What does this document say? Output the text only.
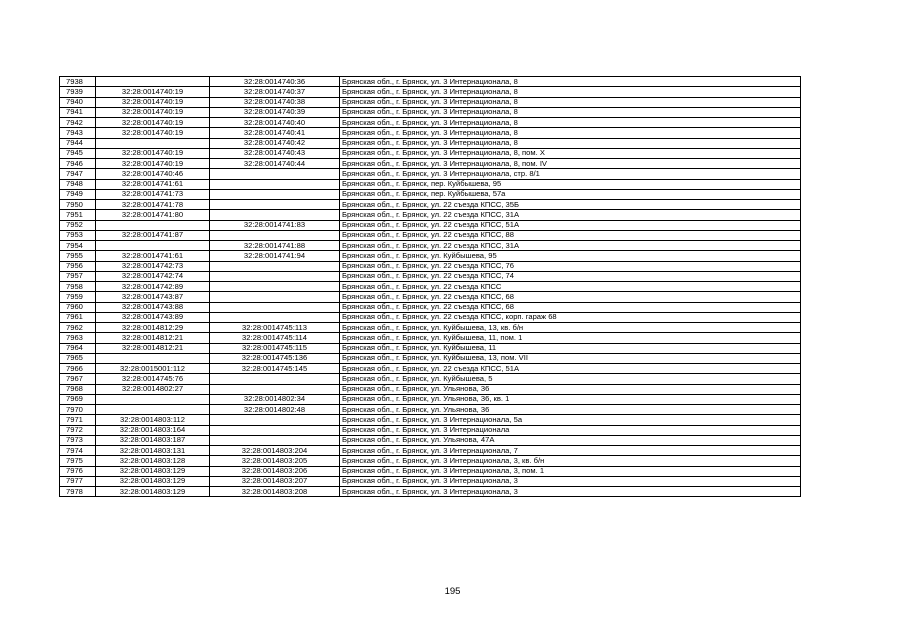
7938		32:28:0014740:36	Брянская обл., г. Брянск, ул. 3 Интернационала, 8
7939	32:28:0014740:19	32:28:0014740:37	Брянская обл., г. Брянск, ул. 3 Интернационала, 8
7940	32:28:0014740:19	32:28:0014740:38	Брянская обл., г. Брянск, ул. 3 Интернационала, 8
7941	32:28:0014740:19	32:28:0014740:39	Брянская обл., г. Брянск, ул. 3 Интернационала, 8
7942	32:28:0014740:19	32:28:0014740:40	Брянская обл., г. Брянск, ул. 3 Интернационала, 8
7943	32:28:0014740:19	32:28:0014740:41	Брянская обл., г. Брянск, ул. 3 Интернационала, 8
7944		32:28:0014740:42	Брянская обл., г. Брянск, ул. 3 Интернационала, 8
7945	32:28:0014740:19	32:28:0014740:43	Брянская обл., г. Брянск, ул. 3 Интернационала, 8, пом. X
7946	32:28:0014740:19	32:28:0014740:44	Брянская обл., г. Брянск, ул. 3 Интернационала, 8, пом. IV
7947	32:28:0014740:46		Брянская обл., г. Брянск, ул. 3 Интернационала, стр. 8/1
7948	32:28:0014741:61		Брянская обл., г. Брянск, пер. Куйбышева, 95
7949	32:28:0014741:73		Брянская обл., г. Брянск, пер. Куйбышева, 57а
7950	32:28:0014741:78		Брянская обл., г. Брянск, ул. 22 съезда КПСС, 35Б
7951	32:28:0014741:80		Брянская обл., г. Брянск, ул. 22 съезда КПСС, 31А
7952		32:28:0014741:83	Брянская обл., г. Брянск, ул. 22 съезда КПСС, 51А
7953	32:28:0014741:87		Брянская обл., г. Брянск, ул. 22 съезда КПСС, 88
7954		32:28:0014741:88	Брянская обл., г. Брянск, ул. 22 съезда КПСС, 31А
7955	32:28:0014741:61	32:28:0014741:94	Брянская обл., г. Брянск, ул. Куйбышева, 95
7956	32:28:0014742:73		Брянская обл., г. Брянск, ул. 22 съезда КПСС, 76
7957	32:28:0014742:74		Брянская обл., г. Брянск, ул. 22 съезда КПСС, 74
7958	32:28:0014742:89		Брянская обл., г. Брянск, ул. 22 съезда КПСС
7959	32:28:0014743:87		Брянская обл., г. Брянск, ул. 22 съезда КПСС, 68
7960	32:28:0014743:88		Брянская обл., г. Брянск, ул. 22 съезда КПСС, 68
7961	32:28:0014743:89		Брянская обл., г. Брянск, ул. 22 съезда КПСС, корп. гараж 68
7962	32:28:0014812:29	32:28:0014745:113	Брянская обл., г. Брянск, ул. Куйбышева, 13, кв. б/н
7963	32:28:0014812:21	32:28:0014745:114	Брянская обл., г. Брянск, ул. Куйбышева, 11, пом. 1
7964	32:28:0014812:21	32:28:0014745:115	Брянская обл., г. Брянск, ул. Куйбышева, 11
7965		32:28:0014745:136	Брянская обл., г. Брянск, ул. Куйбышева, 13, пом. VII
7966	32:28:0015001:112	32:28:0014745:145	Брянская обл., г. Брянск, ул. 22 съезда КПСС, 51А
7967	32:28:0014745:76		Брянская обл., г. Брянск, ул. Куйбышева, 5
7968	32:28:0014802:27		Брянская обл., г. Брянск, ул. Ульянова, 36
7969		32:28:0014802:34	Брянская обл., г. Брянск, ул. Ульянова, 36, кв. 1
7970		32:28:0014802:48	Брянская обл., г. Брянск, ул. Ульянова, 36
7971	32:28:0014803:112		Брянская обл., г. Брянск, ул. 3 Интернационала, 5а
7972	32:28:0014803:164		Брянская обл., г. Брянск, ул. 3 Интернационала
7973	32:28:0014803:187		Брянская обл., г. Брянск, ул. Ульянова, 47А
7974	32:28:0014803:131	32:28:0014803:204	Брянская обл., г. Брянск, ул. 3 Интернационала, 7
7975	32:28:0014803:128	32:28:0014803:205	Брянская обл., г. Брянск, ул. 3 Интернационала, 3, кв. б/н
7976	32:28:0014803:129	32:28:0014803:206	Брянская обл., г. Брянск, ул. 3 Интернационала, 3, пом. 1
7977	32:28:0014803:129	32:28:0014803:207	Брянская обл., г. Брянск, ул. 3 Интернационала, 3
7978	32:28:0014803:129	32:28:0014803:208	Брянская обл., г. Брянск, ул. 3 Интернационала, 3
195
